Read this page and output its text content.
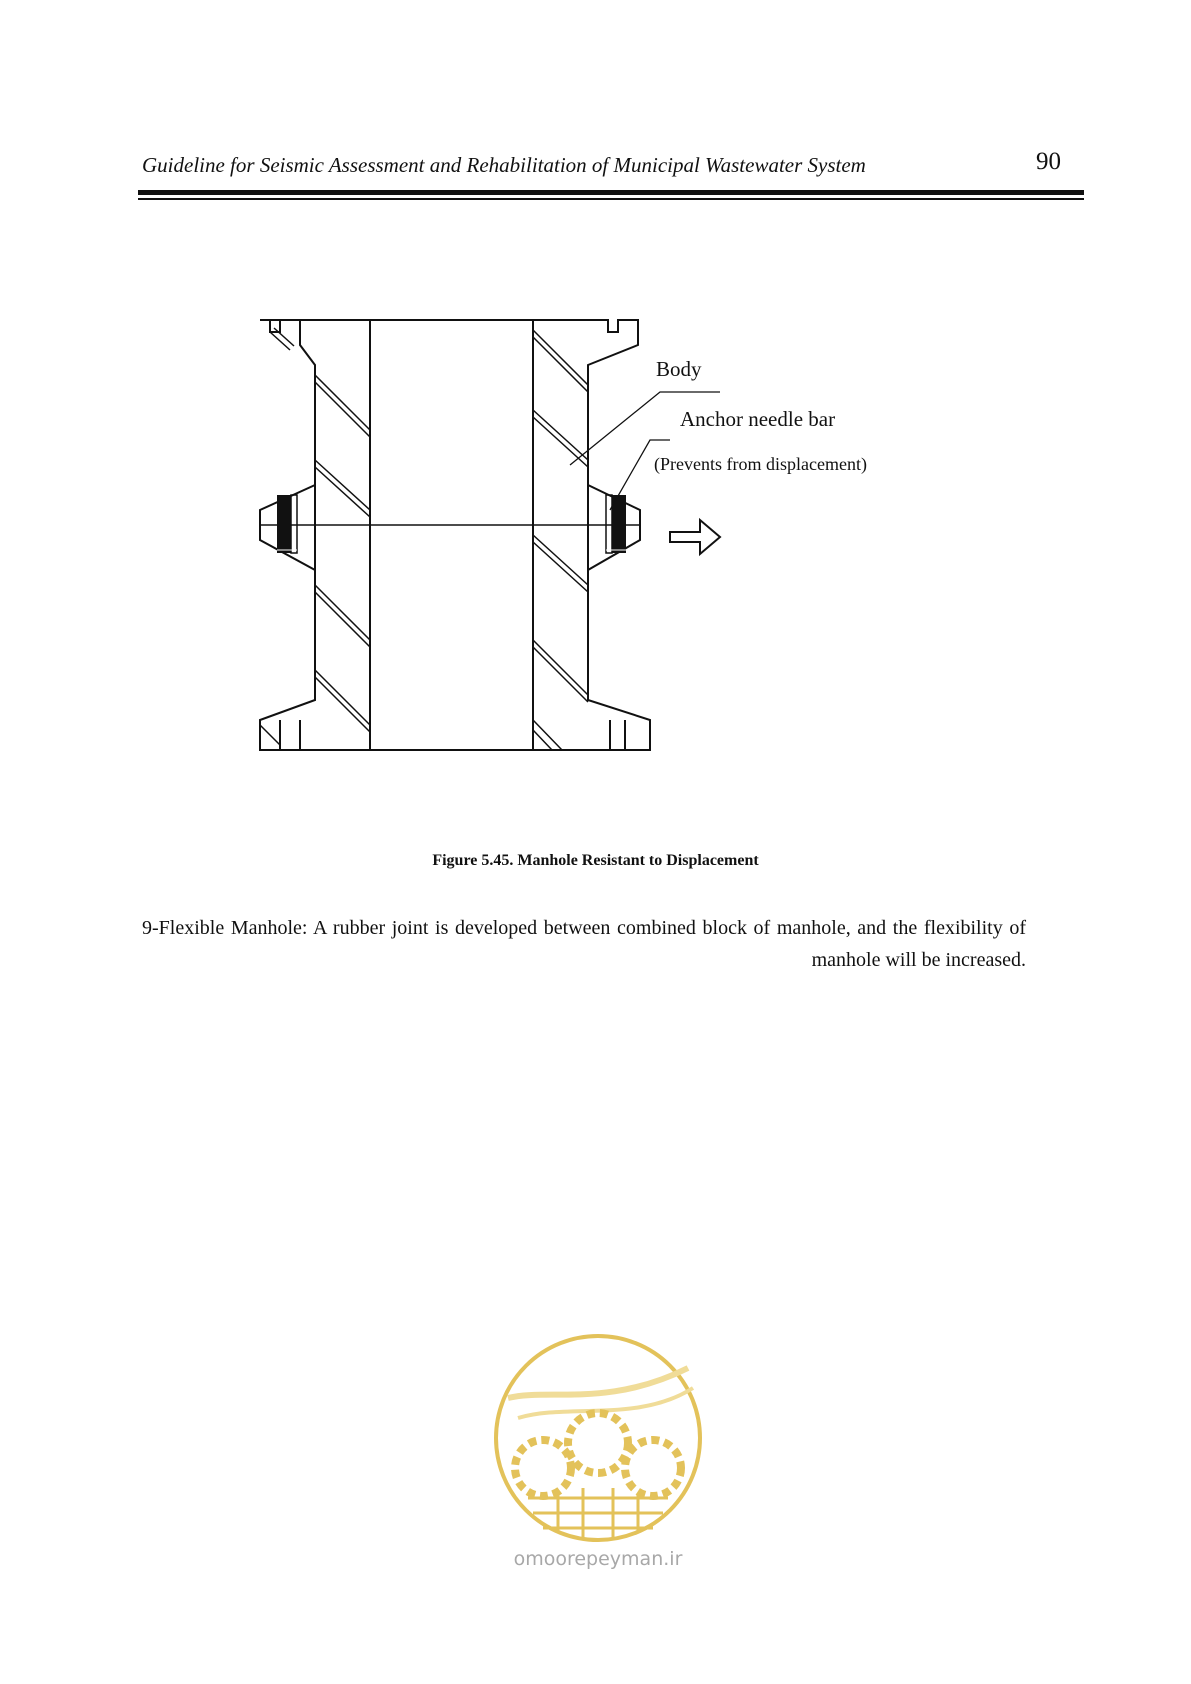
Guideline for Seismic Assessment and Rehabilitation of Municipal Wastewater System	90
Body
Anchor needle bar
(Prevents from displacement)
Figure 5.45. Manhole Resistant to Displacement

9-Flexible Manhole: A rubber joint is developed between combined block of manhole, and the flexibility of manhole will be increased.

omoorepeyman.ir
